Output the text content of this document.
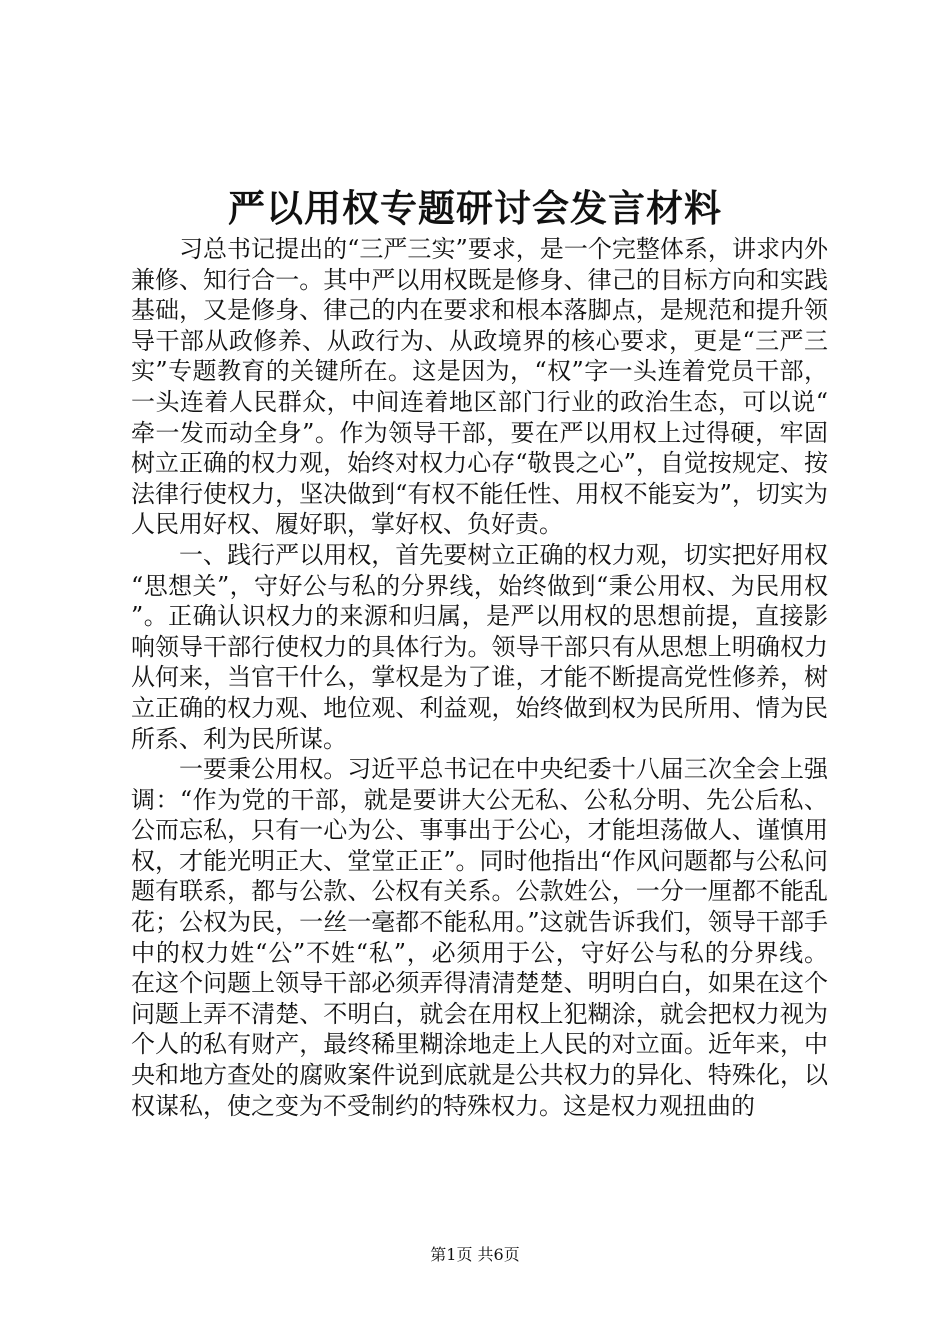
严以用权专题研讨会发言材料

习总书记提出的“三严三实”要求，是一个完整体系，讲求内外兼修、知行合一。其中严以用权既是修身、律己的目标方向和实践基础，又是修身、律己的内在要求和根本落脚点，是规范和提升领导干部从政修养、从政行为、从政境界的核心要求，更是“三严三实”专题教育的关键所在。这是因为，“权”字一头连着党员干部，一头连着人民群众，中间连着地区部门行业的政治生态，可以说“牵一发而动全身”。作为领导干部，要在严以用权上过得硬，牢固树立正确的权力观，始终对权力心存“敬畏之心”，自觉按规定、按法律行使权力，坚决做到“有权不能任性、用权不能妄为”，切实为人民用好权、履好职，掌好权、负好责。

一、践行严以用权，首先要树立正确的权力观，切实把好用权“思想关”，守好公与私的分界线，始终做到“秉公用权、为民用权”。正确认识权力的来源和归属，是严以用权的思想前提，直接影响领导干部行使权力的具体行为。领导干部只有从思想上明确权力从何来，当官干什么，掌权是为了谁，才能不断提高党性修养，树立正确的权力观、地位观、利益观，始终做到权为民所用、情为民所系、利为民所谋。

一要秉公用权。习近平总书记在中央纪委十八届三次全会上强调：“作为党的干部，就是要讲大公无私、公私分明、先公后私、公而忘私，只有一心为公、事事出于公心，才能坦荡做人、谨慎用权，才能光明正大、堂堂正正”。同时他指出“作风问题都与公私问题有联系，都与公款、公权有关系。公款姓公，一分一厘都不能乱花；公权为民，一丝一毫都不能私用。”这就告诉我们，领导干部手中的权力姓“公”不姓“私”，必须用于公，守好公与私的分界线。在这个问题上领导干部必须弄得清清楚楚、明明白白，如果在这个问题上弄不清楚、不明白，就会在用权上犯糊涂，就会把权力视为个人的私有财产，最终稀里糊涂地走上人民的对立面。近年来，中央和地方查处的腐败案件说到底就是公共权力的异化、特殊化，以权谋私，使之变为不受制约的特殊权力。这是权力观扭曲的

第1页 共6页
